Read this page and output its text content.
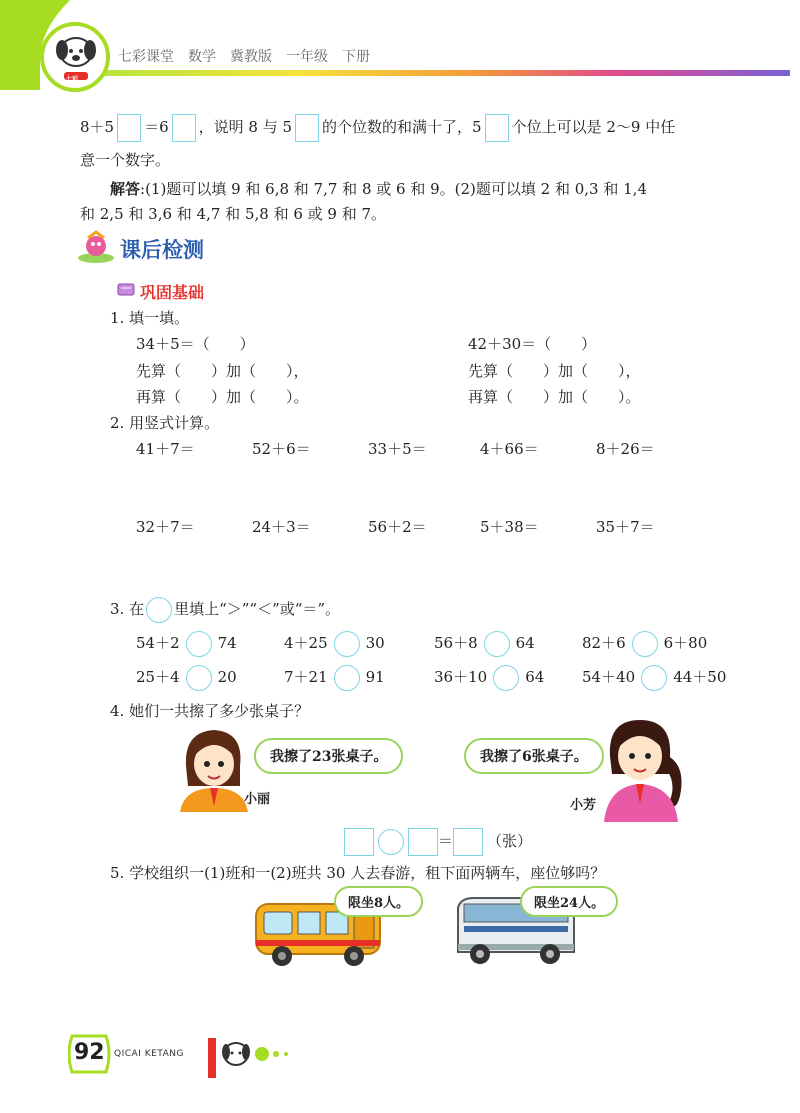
七彩
七彩课堂　数学　冀教版　一年级　下册
8＋5 ＝6 ，说明 8 与 5 的个位数的和满十了，5 个位上可以是 2～9 中任
意一个数字。
解答:(1)题可以填 9 和 6,8 和 7,7 和 8 或 6 和 9。(2)题可以填 2 和 0,3 和 1,4
和 2,5 和 3,6 和 4,7 和 5,8 和 6 或 9 和 7。
课后检测
巩固基础
1. 填一填。
34＋5＝（　　）
先算（　　）加（　　），
再算（　　）加（　　）。
42＋30＝（　　）
先算（　　）加（　　），
再算（　　）加（　　）。
2. 用竖式计算。
41＋7＝	52＋6＝	33＋5＝	4＋66＝	8＋26＝
32＋7＝	24＋3＝	56＋2＝	5＋38＝	35＋7＝
3. 在 里填上“＞”“＜”或“＝”。
54＋2	74	4＋25	30	56＋8	64	82＋6	6＋80
25＋4	20	7＋21	91	36＋10	64	54＋40	44＋50
4. 她们一共擦了多少张桌子？
我擦了23张桌子。
小丽
我擦了6张桌子。
小芳
＝ （张）
5. 学校组织一(1)班和一(2)班共 30 人去春游，租下面两辆车，座位够吗？
限坐8人。	限坐24人。
92 QICAI KETANG
